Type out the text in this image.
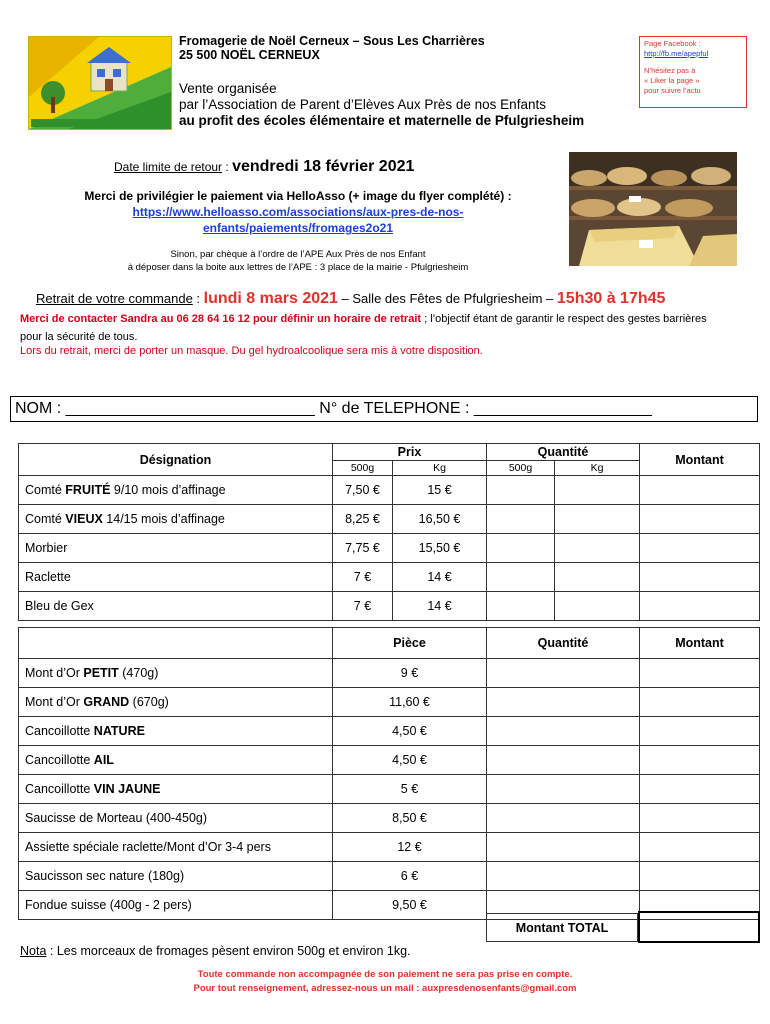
Fromagerie de Noël Cerneux – Sous Les Charrières
25 500 NOËL CERNEUX
Vente organisée
par l’Association de Parent d’Elèves Aux Près de nos Enfants
au profit des écoles élémentaire et maternelle de Pfulgriesheim
Page Facebook :
http://fb.me/apepful
N’hésitez pas à
« Liker la page »
pour suivre l’actu
Date limite de retour : vendredi 18 février 2021
Merci de privilégier le paiement via HelloAsso (+ image du flyer complété) :
https://www.helloasso.com/associations/aux-pres-de-nos-
enfants/paiements/fromages2o21
Sinon, par chèque à l’ordre de l’APE Aux Près de nos Enfant
à déposer dans la boite aux lettres de l’APE : 3 place de la mairie - Pfulgriesheim
Retrait de votre commande : lundi 8 mars 2021 – Salle des Fêtes de Pfulgriesheim – 15h30 à 17h45
Merci de contacter Sandra au 06 28 64 16 12 pour définir un horaire de retrait ; l’objectif étant de garantir le respect des gestes barrières pour la sécurité de tous.
Lors du retrait, merci de porter un masque. Du gel hydroalcoolique sera mis à votre disposition.
NOM : ____________________________ N° de TELEPHONE : ____________________
Désignation	Prix		Quantité		Montant
	500g	Kg	500g	Kg	
Comté FRUITÉ 9/10 mois d’affinage	7,50 €	15 €			
Comté VIEUX 14/15 mois d’affinage	8,25 €	16,50 €			
Morbier	7,75 €	15,50 €			
Raclette	7 €	14 €			
Bleu de Gex	7 €	14 €			
	Pièce	Quantité	Montant
Mont d’Or PETIT (470g)	9 €		
Mont d’Or GRAND (670g)	11,60 €		
Cancoillotte NATURE	4,50 €		
Cancoillotte AIL	4,50 €		
Cancoillotte VIN JAUNE	5 €		
Saucisse de Morteau (400-450g)	8,50 €		
Assiette spéciale raclette/Mont d’Or 3-4 pers	12 €		
Saucisson sec nature (180g)	6 €		
Fondue suisse (400g - 2 pers)	9,50 €		
Montant TOTAL
Nota : Les morceaux de fromages pèsent environ 500g et environ 1kg.
Toute commande non accompagnée de son paiement ne sera pas prise en compte.
Pour tout renseignement, adressez-nous un mail : auxpresdenosenfants@gmail.com
